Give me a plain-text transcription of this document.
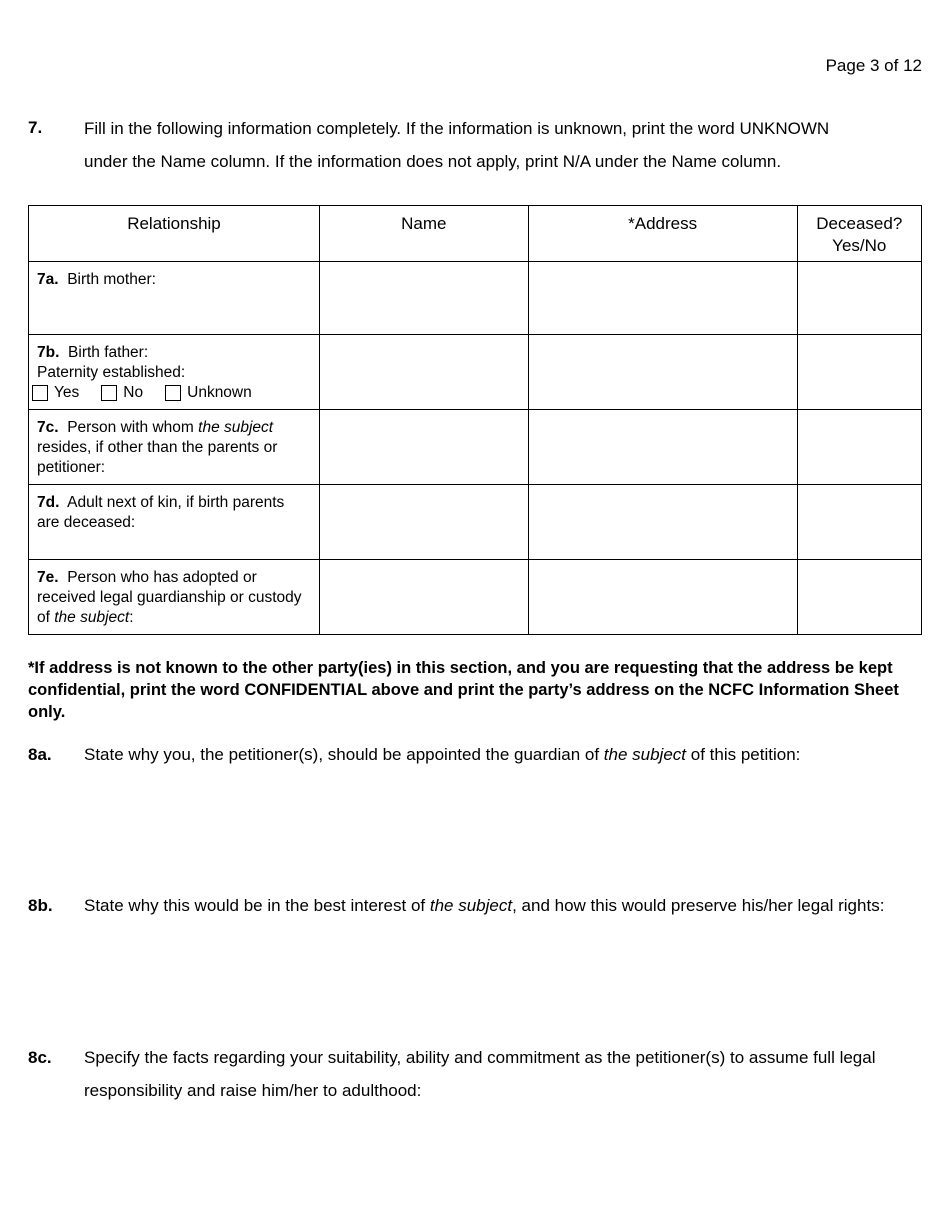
Page 3 of 12
7. Fill in the following information completely. If the information is unknown, print the word UNKNOWN
under the Name column. If the information does not apply, print N/A under the Name column.
Relationship	Name	*Address	Deceased?
Yes/No

7a. Birth mother:			
7b. Birth father:
Paternity established:
Yes No Unknown			

7c. Person with whom the subject resides, if other than the parents or petitioner:			
7d. Adult next of kin, if birth parents are deceased:			
7e. Person who has adopted or received legal guardianship or custody of the subject:			
*If address is not known to the other party(ies) in this section, and you are requesting that the address be kept confidential, print the word CONFIDENTIAL above and print the party’s address on the NCFC Information Sheet only.
8a. State why you, the petitioner(s), should be appointed the guardian of the subject of this petition:
8b. State why this would be in the best interest of the subject, and how this would preserve his/her legal rights:
8c. Specify the facts regarding your suitability, ability and commitment as the petitioner(s) to assume full legal responsibility and raise him/her to adulthood:
